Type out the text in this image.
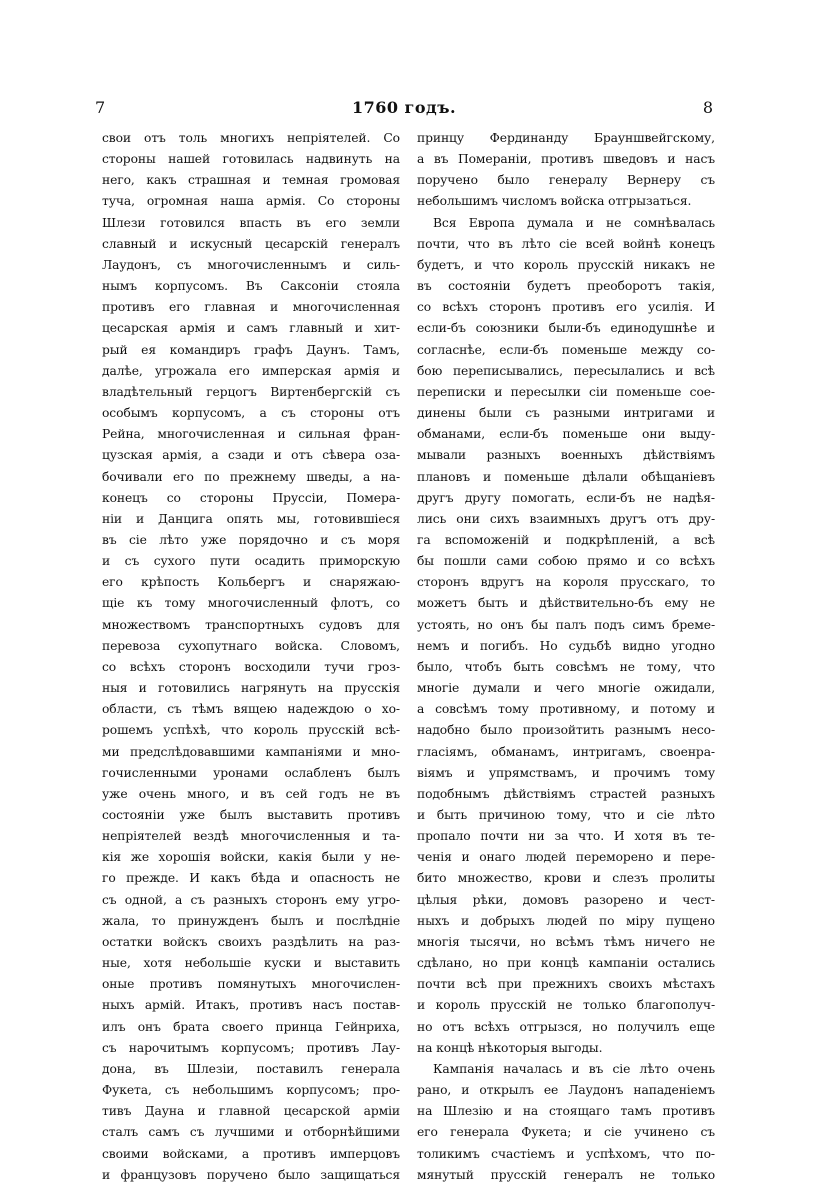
7	1760 годъ.	8
свои отъ толь многихъ непріятелей. Со
стороны нашей готовилась надвинуть на
него, какъ страшная и темная громовая
туча, огромная наша армія. Со стороны
Шлези готовился впасть въ его земли
славный и искусный цесарскій генералъ
Лаудонъ, съ многочисленнымъ и силь-
нымъ корпусомъ. Въ Саксоніи стояла
противъ его главная и многочисленная
цесарская армія и самъ главный и хит-
рый ея командиръ графъ Даунъ. Тамъ,
далѣе, угрожала его имперская армія и
владѣтельный герцогъ Виртенбергскій съ
особымъ корпусомъ, а съ стороны отъ
Рейна, многочисленная и сильная фран-
цузская армія, а сзади и отъ сѣвера оза-
бочивали его по прежнему шведы, а на-
конецъ со стороны Пруссіи, Помера-
ніи и Данцига опять мы, готовившіеся
въ сіе лѣто уже порядочно и съ моря
и съ сухого пути осадить приморскую
его крѣпость Кольбергъ и снаряжаю-
щіе къ тому многочисленный флотъ, со
множествомъ транспортныхъ судовъ для
перевоза сухопутнаго войска. Словомъ,
со всѣхъ сторонъ восходили тучи гроз-
ныя и готовились нагрянуть на прусскія
области, съ тѣмъ вящею надеждою о хо-
рошемъ успѣхѣ, что король прусскій всѣ-
ми предслѣдовавшими кампаніями и мно-
гочисленными уронами ослабленъ былъ
уже очень много, и въ сей годъ не въ
состояніи уже былъ выставить противъ
непріятелей вездѣ многочисленныя и та-
кія же хорошія войски, какія были у не-
го прежде. И какъ бѣда и опасность не
съ одной, а съ разныхъ сторонъ ему угро-
жала, то принужденъ былъ и послѣдніе
остатки войскъ своихъ раздѣлить на раз-
ные, хотя небольшіе куски и выставить
оные противъ помянутыхъ многочислен-
ныхъ армій. Итакъ, противъ насъ постав-
илъ онъ брата своего принца Гейнриха,
съ нарочитымъ корпусомъ; противъ Лау-
дона, въ Шлезіи, поставилъ генерала
Фукета, съ небольшимъ корпусомъ; про-
тивъ Дауна и главной цесарской арміи
сталъ самъ съ лучшими и отборнѣйшими
своими войсками, а противъ имперцовъ
и французовъ поручено было защищаться
принцу Фердинанду Брауншвейгскому,
а въ Помераніи, противъ шведовъ и насъ
поручено было генералу Вернеру съ
небольшимъ числомъ войска отгрызаться.
Вся Европа думала и не сомнѣвалась
почти, что въ лѣто сіе всей войнѣ конецъ
будетъ, и что король прусскій никакъ не
въ состояніи будетъ преоборотъ такія,
со всѣхъ сторонъ противъ его усилія. И
если-бъ союзники были-бъ единодушнѣе и
согласнѣе, если-бъ поменьше между со-
бою переписывались, пересылались и всѣ
переписки и пересылки сіи поменьше сое-
динены были съ разными интригами и
обманами, если-бъ поменьше они выду-
мывали разныхъ военныхъ дѣйствіямъ
плановъ и поменьше дѣлали обѣщаніевъ
другъ другу помогать, если-бъ не надѣя-
лись они сихъ взаимныхъ другъ отъ дру-
га вспоможеній и подкрѣпленій, а всѣ
бы пошли сами собою прямо и со всѣхъ
сторонъ вдругъ на короля прусскаго, то
можетъ быть и дѣйствительно-бъ ему не
устоять, но онъ бы палъ подъ симъ бреме-
немъ и погибъ. Но судьбѣ видно угодно
было, чтобъ быть совсѣмъ не тому, что
многіе думали и чего многіе ожидали,
а совсѣмъ тому противному, и потому и
надобно было произойтить разнымъ несо-
гласіямъ, обманамъ, интригамъ, своенра-
віямъ и упрямствамъ, и прочимъ тому
подобнымъ дѣйствіямъ страстей разныхъ
и быть причиною тому, что и сіе лѣто
пропало почти ни за что. И хотя въ те-
ченія и онаго людей переморено и пере-
бито множество, крови и слезъ пролиты
цѣлыя рѣки, домовъ разорено и чест-
ныхъ и добрыхъ людей по міру пущено
многія тысячи, но всѣмъ тѣмъ ничего не
сдѣлано, но при концѣ кампаніи остались
почти всѣ при прежнихъ своихъ мѣстахъ
и король прусскій не только благополуч-
но отъ всѣхъ отгрызся, но получилъ еще
на концѣ нѣкоторыя выгоды.
Кампанія началась и въ сіе лѣто очень
рано, и открылъ ее Лаудонъ нападеніемъ
на Шлезію и на стоящаго тамъ противъ
его генерала Фукета; и сіе учинено съ
толикимъ счастіемъ и успѣхомъ, что по-
мянутый прусскій генералъ не только
